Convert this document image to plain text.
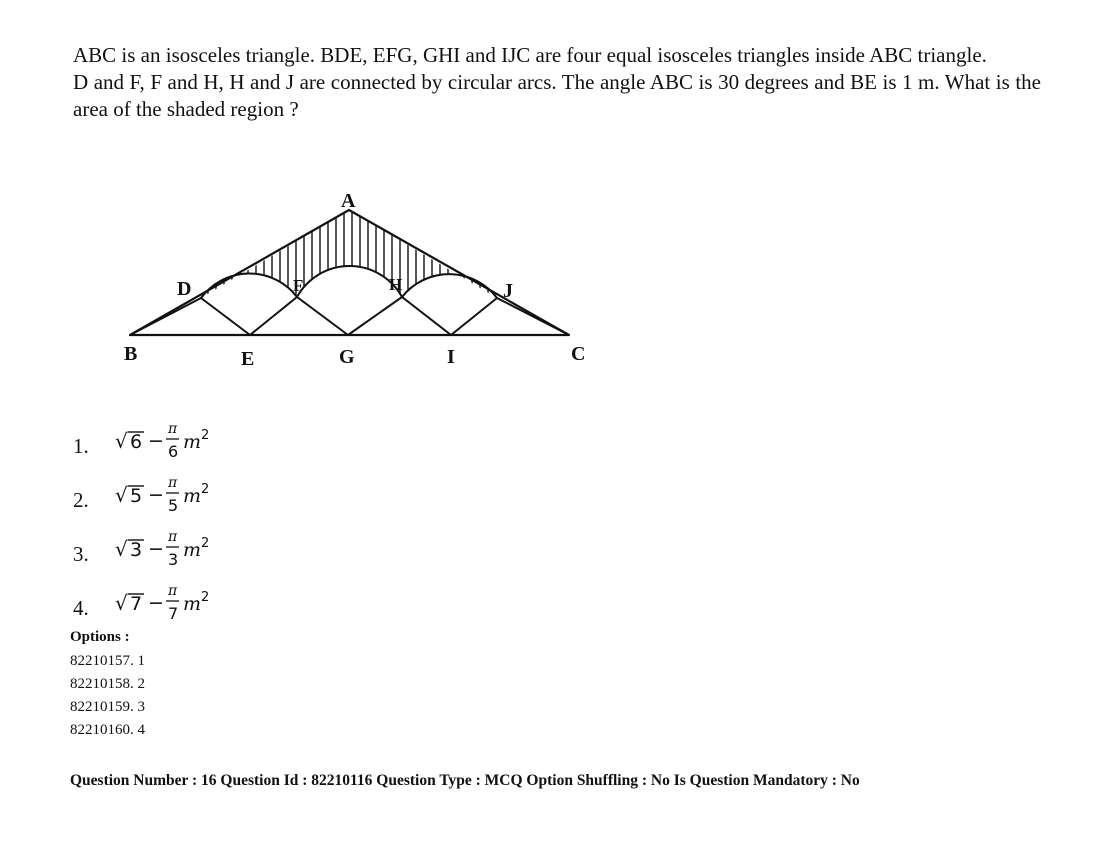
ABC is an isosceles triangle. BDE, EFG, GHI and IJC are four equal isosceles triangles inside ABC triangle.

D and F, F and H, H and J are connected by circular arcs. The angle ABC is 30 degrees and BE is 1 m. What is the area of the shaded region ?

A
B	C
D
E
F
G
H
I
J
1. √ 6 −
π
6 m 2
2. √ 5 −
π
5 m 2
3. √ 3 −
π
3 m 2
4. √ 7 −
π
7 m 2
Options :
82210157. 1
82210158. 2
82210159. 3
82210160. 4
Question Number : 16 Question Id : 82210116 Question Type : MCQ Option Shuffling : No Is Question Mandatory : No
